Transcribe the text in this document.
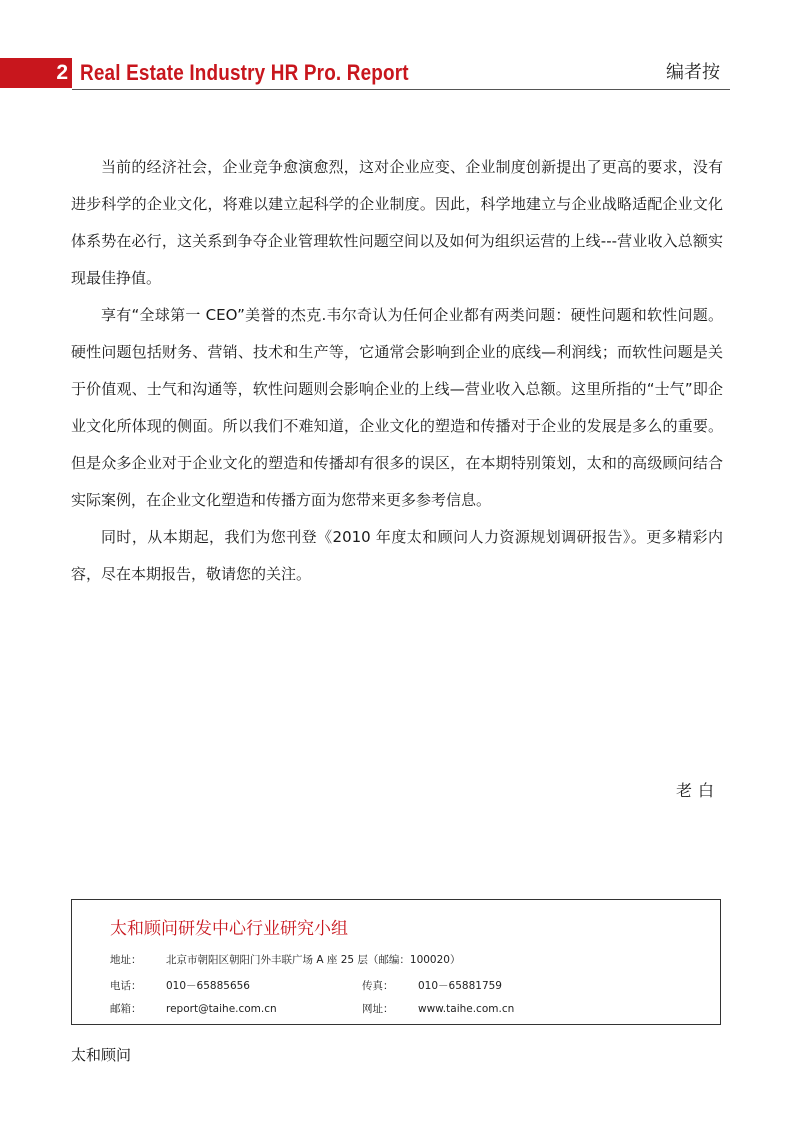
2 Real Estate Industry HR Pro. Report	编者按

当前的经济社会，企业竞争愈演愈烈，这对企业应变、企业制度创新提出了更高的要求，没有进步科学的企业文化，将难以建立起科学的企业制度。因此，科学地建立与企业战略适配企业文化体系势在必行，这关系到争夺企业管理软性问题空间以及如何为组织运营的上线---营业收入总额实现最佳挣值。

享有“全球第一 CEO”美誉的杰克.韦尔奇认为任何企业都有两类问题：硬性问题和软性问题。硬性问题包括财务、营销、技术和生产等，它通常会影响到企业的底线—利润线；而软性问题是关于价值观、士气和沟通等，软性问题则会影响企业的上线—营业收入总额。这里所指的“士气”即企业文化所体现的侧面。所以我们不难知道，企业文化的塑造和传播对于企业的发展是多么的重要。但是众多企业对于企业文化的塑造和传播却有很多的误区，在本期特别策划，太和的高级顾问结合实际案例，在企业文化塑造和传播方面为您带来更多参考信息。

同时，从本期起，我们为您刊登《2010 年度太和顾问人力资源规划调研报告》。更多精彩内容，尽在本期报告，敬请您的关注。

老白
太和顾问研发中心行业研究小组
地址： 北京市朝阳区朝阳门外丰联广场 A 座 25 层（邮编：100020）
电话： 010－65885656	传真： 010－65881759
邮箱： report@taihe.com.cn	网址： www.taihe.com.cn
太和顾问
